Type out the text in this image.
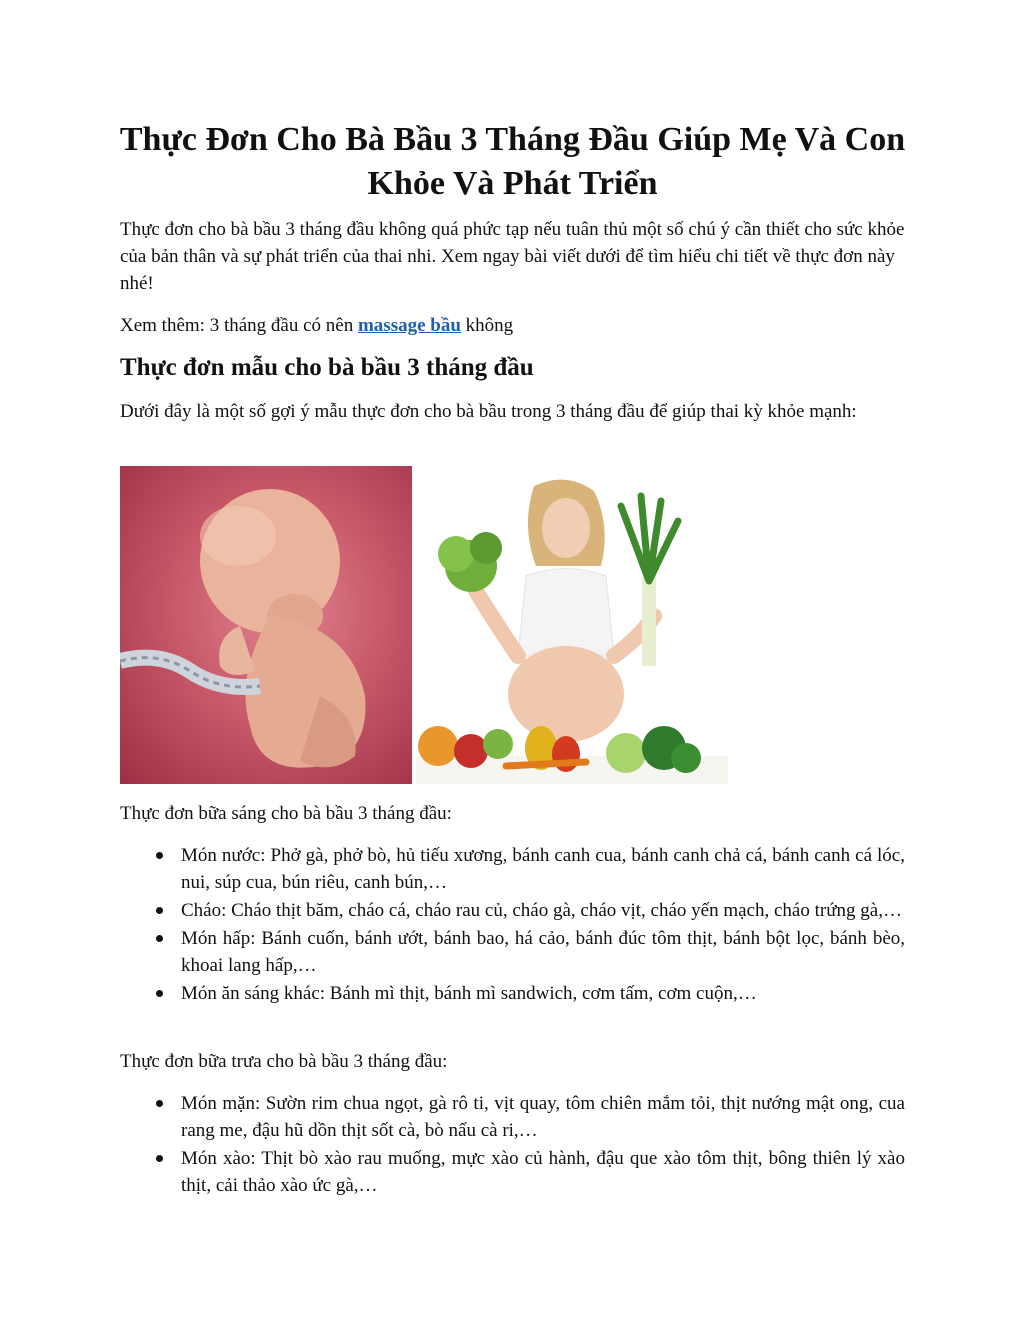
Thực Đơn Cho Bà Bầu 3 Tháng Đầu Giúp Mẹ Và Con Khỏe Và Phát Triển

Thực đơn cho bà bầu 3 tháng đầu không quá phức tạp nếu tuân thủ một số chú ý cần thiết cho sức khỏe của bản thân và sự phát triển của thai nhi. Xem ngay bài viết dưới để tìm hiểu chi tiết về thực đơn này nhé!

Xem thêm: 3 tháng đầu có nên massage bầu không

Thực đơn mẫu cho bà bầu 3 tháng đầu

Dưới đây là một số gợi ý mẫu thực đơn cho bà bầu trong 3 tháng đầu để giúp thai kỳ khỏe mạnh:

Thực đơn bữa sáng cho bà bầu 3 tháng đầu:

Món nước: Phở gà, phở bò, hủ tiếu xương, bánh canh cua, bánh canh chả cá, bánh canh cá lóc, nui, súp cua, bún riêu, canh bún,…
Cháo: Cháo thịt băm, cháo cá, cháo rau củ, cháo gà, cháo vịt, cháo yến mạch, cháo trứng gà,…
Món hấp: Bánh cuốn, bánh ướt, bánh bao, há cảo, bánh đúc tôm thịt, bánh bột lọc, bánh bèo, khoai lang hấp,…
Món ăn sáng khác: Bánh mì thịt, bánh mì sandwich, cơm tấm, cơm cuộn,…

Thực đơn bữa trưa cho bà bầu 3 tháng đầu:

Món mặn: Sườn rim chua ngọt, gà rô ti, vịt quay, tôm chiên mắm tỏi, thịt nướng mật ong, cua rang me, đậu hũ dồn thịt sốt cà, bò nấu cà ri,…
Món xào: Thịt bò xào rau muống, mực xào củ hành, đậu que xào tôm thịt, bông thiên lý xào thịt, cải thảo xào ức gà,…
